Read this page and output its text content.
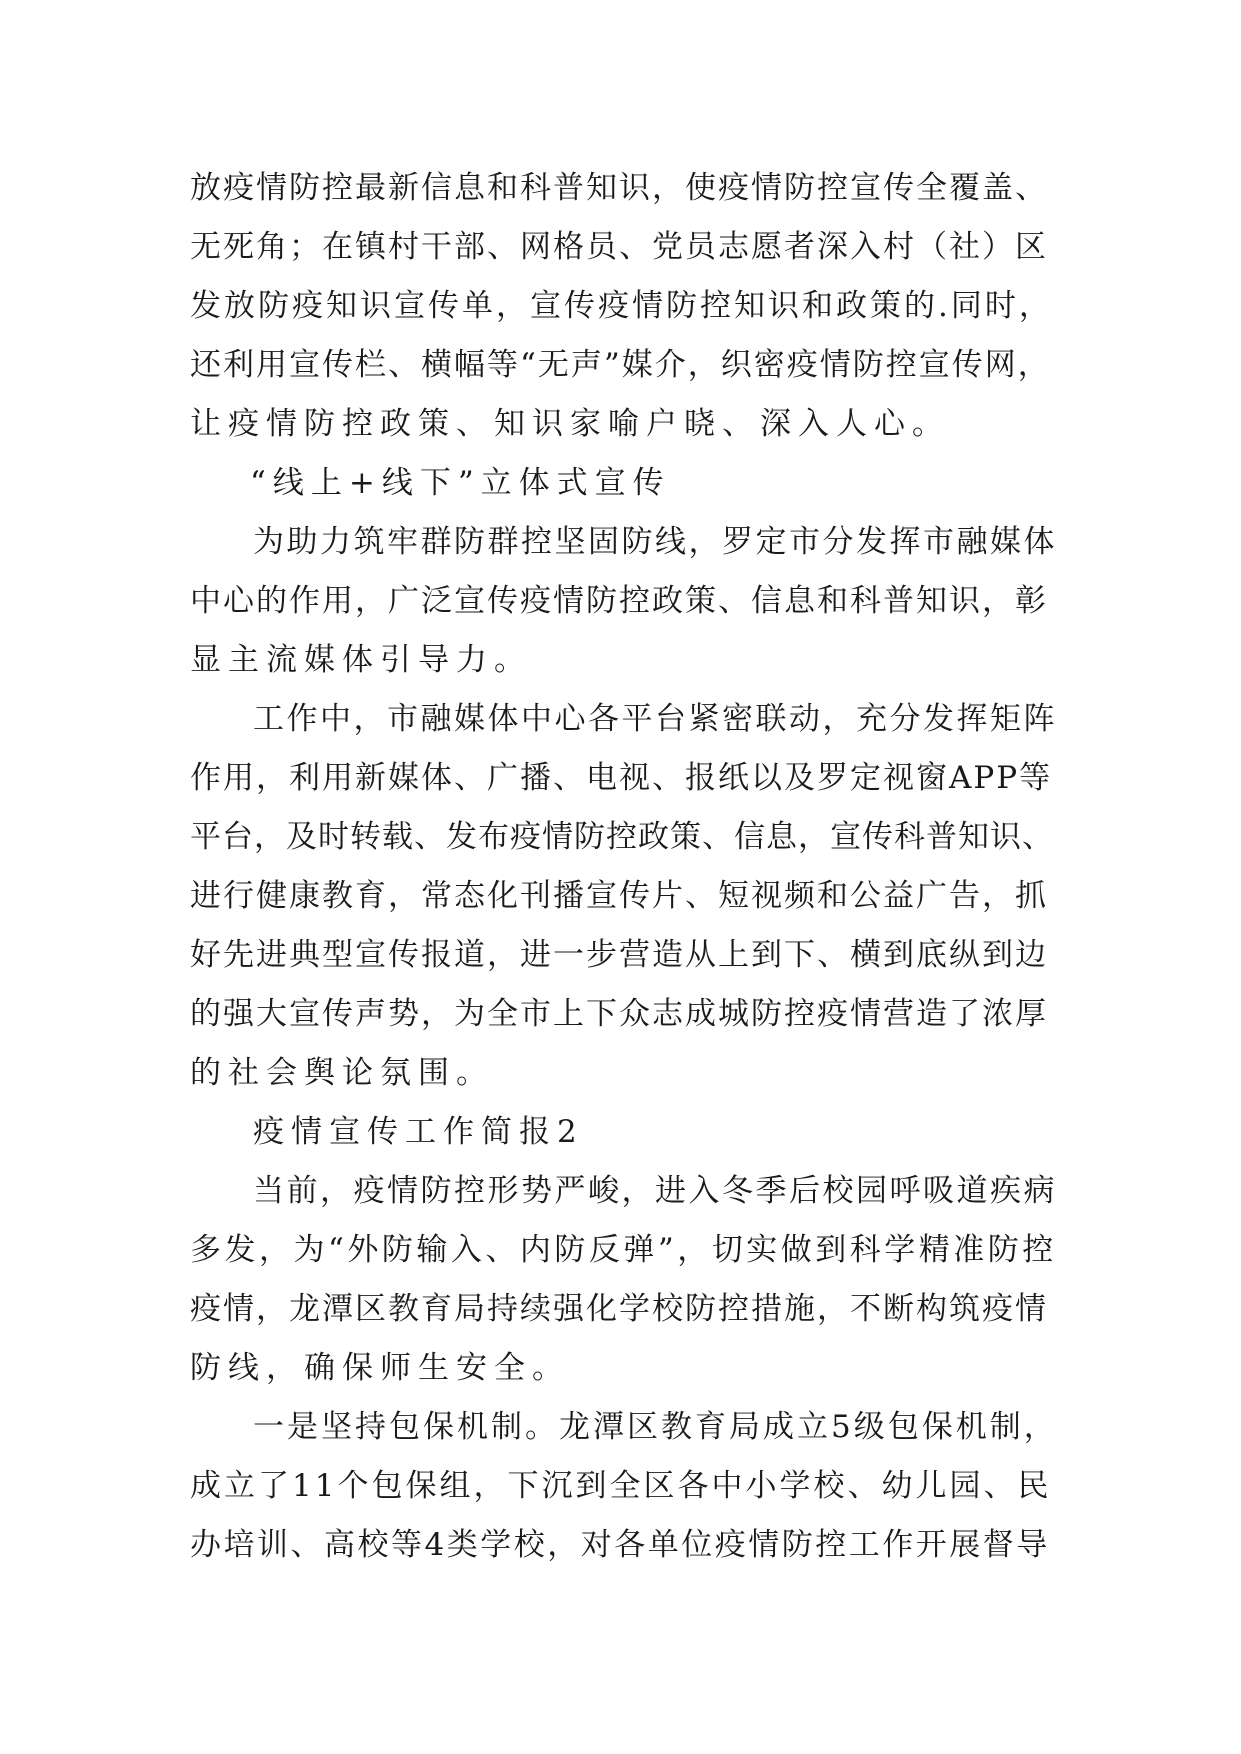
放疫情防控最新信息和科普知识，使疫情防控宣传全覆盖、
无死角；在镇村干部、网格员、党员志愿者深入村（社）区
发放防疫知识宣传单，宣传疫情防控知识和政策的.同时，
还利用宣传栏、横幅等“无声”媒介，织密疫情防控宣传网，
让疫情防控政策、知识家喻户晓、深入人心。
“线上+线下”立体式宣传
为助力筑牢群防群控坚固防线，罗定市分发挥市融媒体
中心的作用，广泛宣传疫情防控政策、信息和科普知识，彰
显主流媒体引导力。
工作中，市融媒体中心各平台紧密联动，充分发挥矩阵
作用，利用新媒体、广播、电视、报纸以及罗定视窗APP等
平台，及时转载、发布疫情防控政策、信息，宣传科普知识、
进行健康教育，常态化刊播宣传片、短视频和公益广告，抓
好先进典型宣传报道，进一步营造从上到下、横到底纵到边
的强大宣传声势，为全市上下众志成城防控疫情营造了浓厚
的社会舆论氛围。
疫情宣传工作简报2
当前，疫情防控形势严峻，进入冬季后校园呼吸道疾病
多发，为“外防输入、内防反弹”，切实做到科学精准防控
疫情，龙潭区教育局持续强化学校防控措施，不断构筑疫情
防线，确保师生安全。
一是坚持包保机制。龙潭区教育局成立5级包保机制，
成立了11个包保组，下沉到全区各中小学校、幼儿园、民
办培训、高校等4类学校，对各单位疫情防控工作开展督导
